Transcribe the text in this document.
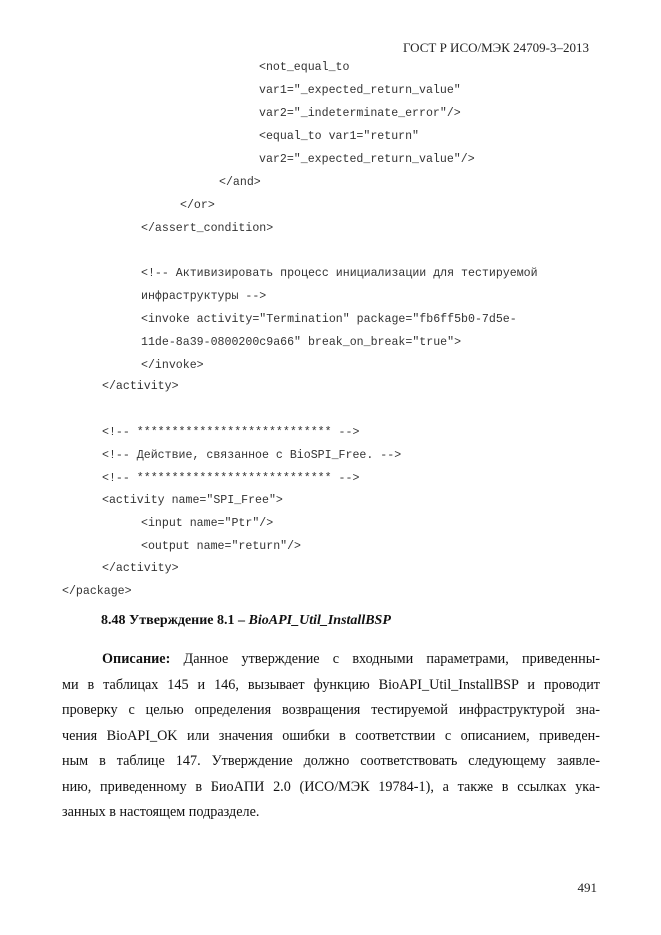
ГОСТ Р ИСО/МЭК 24709-3–2013
<not_equal_to
var1="_expected_return_value"
var2="_indeterminate_error"/>
<equal_to var1="return"
var2="_expected_return_value"/>
</and>
</or>
</assert_condition>
<!-- Активизировать процесс инициализации для тестируемой
инфраструктуры -->
<invoke activity="Termination" package="fb6ff5b0-7d5e-
11de-8a39-0800200c9a66" break_on_break="true">
</invoke>
</activity>
<!-- **************************** -->
<!-- Действие, связанное с BioSPI_Free. -->
<!-- **************************** -->
<activity name="SPI_Free">
<input name="Ptr"/>
<output name="return"/>
</activity>
</package>
8.48 Утверждение 8.1 – BioAPI_Util_InstallBSP
Описание: Данное утверждение с входными параметрами, приведенны-
ми в таблицах 145 и 146, вызывает функцию BioAPI_Util_InstallBSP и проводит
проверку с целью определения возвращения тестируемой инфраструктурой зна-
чения BioAPI_OK или значения ошибки в соответствии с описанием, приведен-
ным в таблице 147. Утверждение должно соответствовать следующему заявле-
нию, приведенному в БиоАПИ 2.0 (ИСО/МЭК 19784-1), а также в ссылках ука-
занных в настоящем подразделе.
491
